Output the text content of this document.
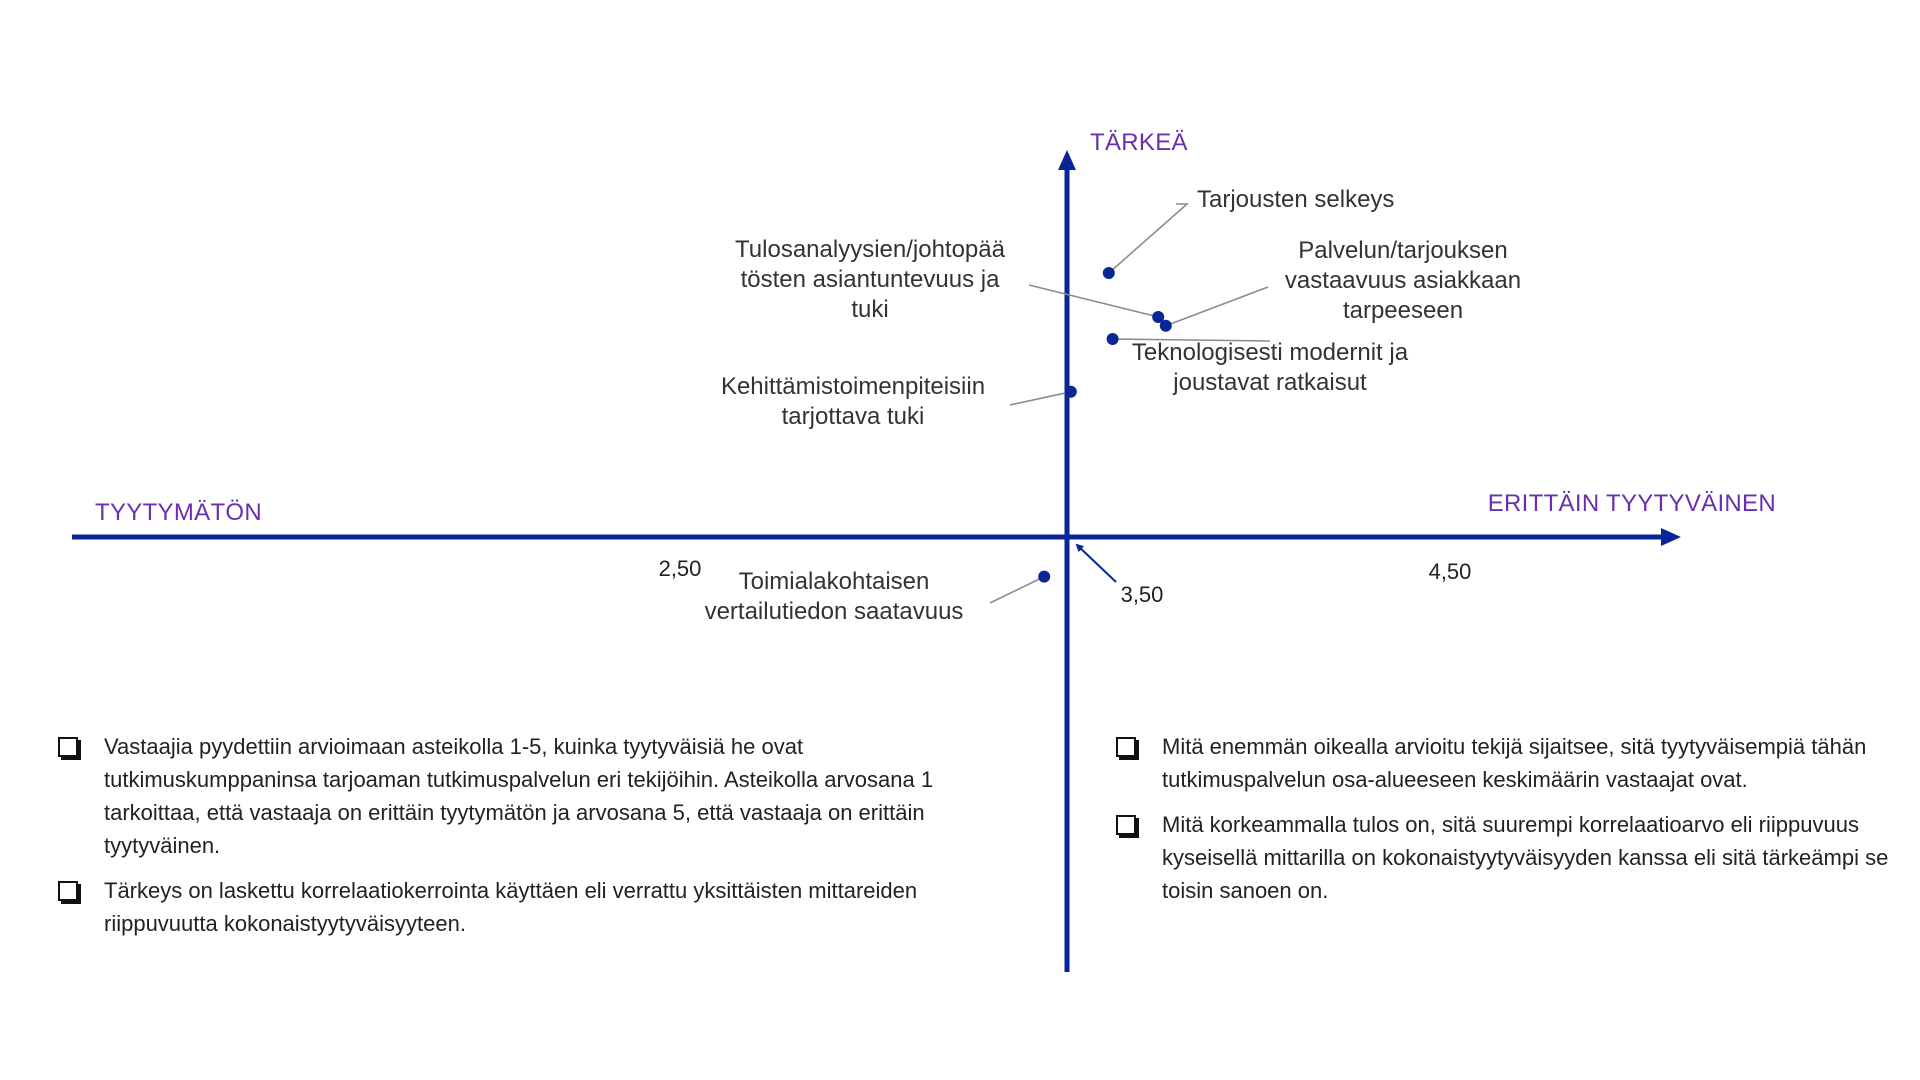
TYYTYMÄTÖN	ERITTÄIN TYYTYVÄINEN
TÄRKEÄ
2,50
3,50
4,50
Tarjousten selkeys
Tulosanalyysien/johtopää tösten asiantuntevuus ja tuki
Palvelun/tarjouksen vastaavuus asiakkaan tarpeeseen
Teknologisesti modernit ja joustavat ratkaisut
Kehittämistoimenpiteisiin tarjottava tuki
Toimialakohtaisen vertailutiedon saatavuus
Vastaajia pyydettiin arvioimaan asteikolla 1-5, kuinka tyytyväisiä he ovat tutkimuskumppaninsa tarjoaman tutkimuspalvelun eri tekijöihin. Asteikolla arvosana 1 tarkoittaa, että vastaaja on erittäin tyytymätön ja arvosana 5, että vastaaja on erittäin tyytyväinen.
Tärkeys on laskettu korrelaatiokerrointa käyttäen eli verrattu yksittäisten mittareiden riippuvuutta kokonaistyytyväisyyteen.
Mitä enemmän oikealla arvioitu tekijä sijaitsee, sitä tyytyväisempiä tähän tutkimuspalvelun osa-alueeseen keskimäärin vastaajat ovat.
Mitä korkeammalla tulos on, sitä suurempi korrelaatioarvo eli riippuvuus kyseisellä mittarilla on kokonaistyytyväisyyden kanssa eli sitä tärkeämpi se toisin sanoen on.
